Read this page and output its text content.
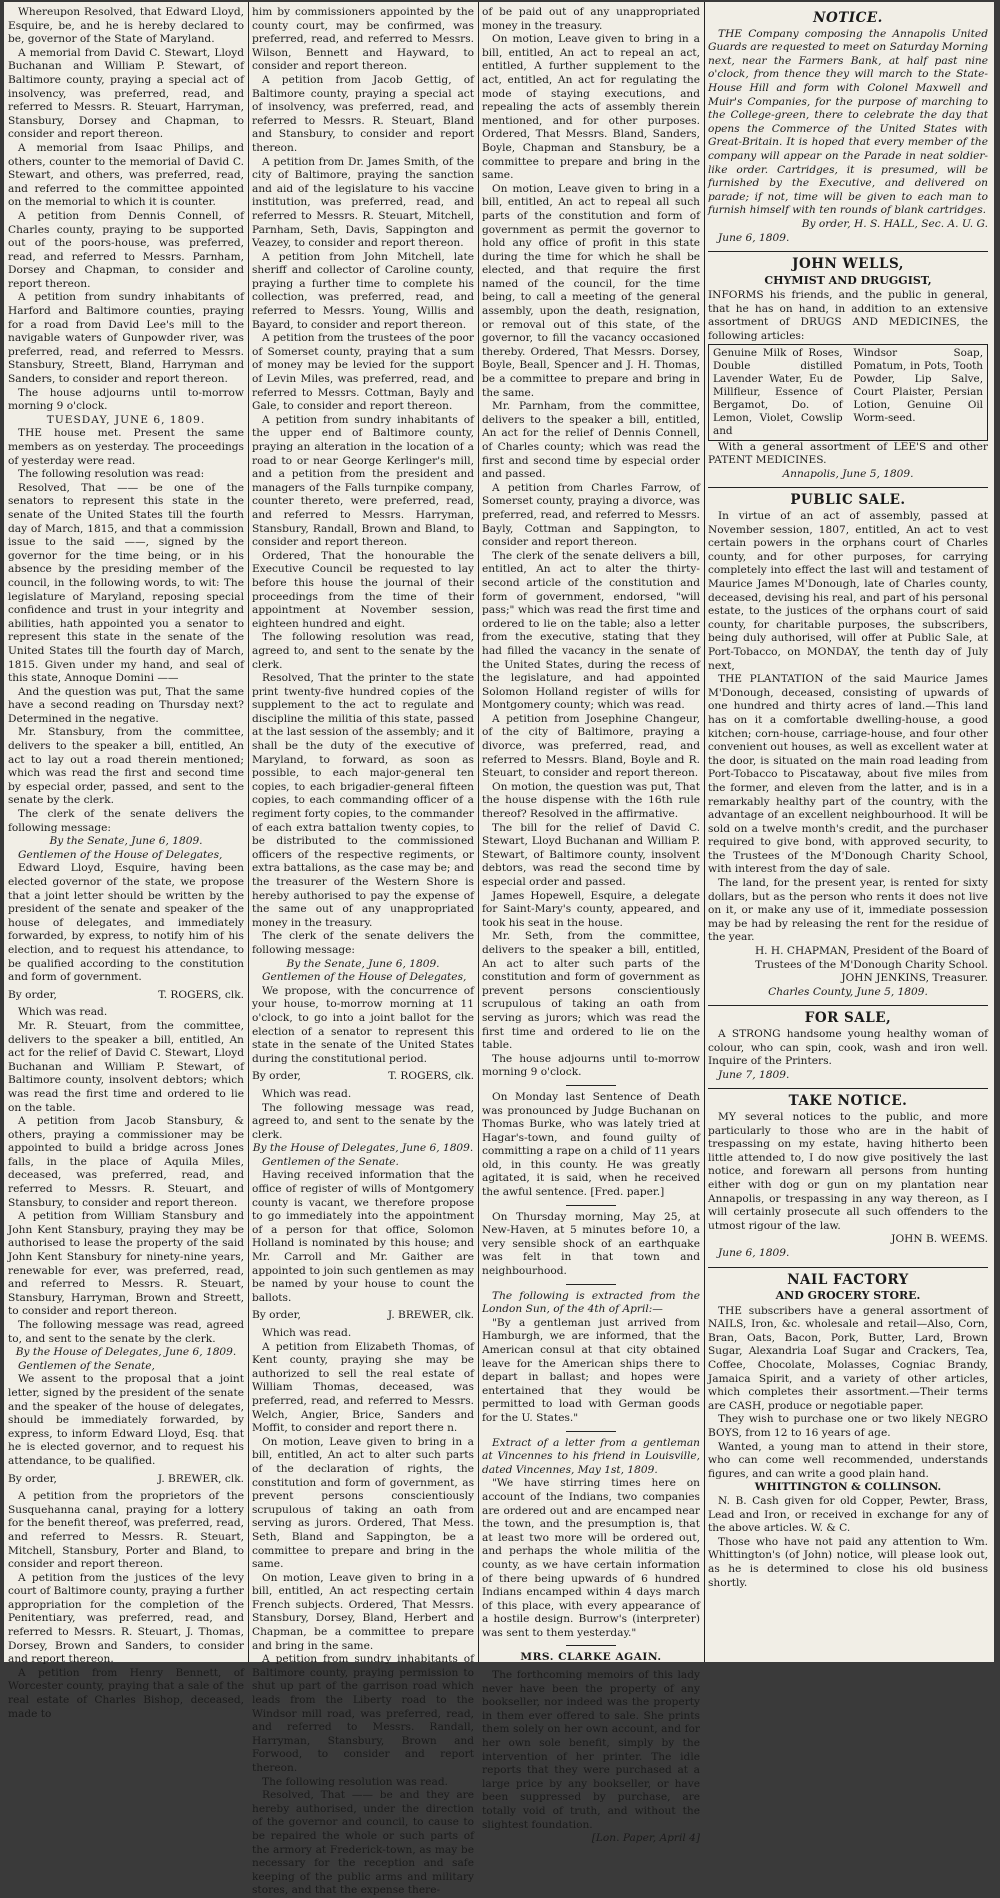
Whereupon Resolved, that Edward Lloyd, Esquire, be, and he is hereby declared to be, governor of the State of Maryland.

A memorial from David C. Stewart, Lloyd Buchanan and William P. Stewart, of Baltimore county, praying a special act of insolvency, was preferred, read, and referred to Messrs. R. Steuart, Harryman, Stansbury, Dorsey and Chapman, to consider and report thereon.

A memorial from Isaac Philips, and others, counter to the memorial of David C. Stewart, and others, was preferred, read, and referred to the committee appointed on the memorial to which it is counter.

A petition from Dennis Connell, of Charles county, praying to be supported out of the poors-house, was preferred, read, and referred to Messrs. Parnham, Dorsey and Chapman, to consider and report thereon.

A petition from sundry inhabitants of Harford and Baltimore counties, praying for a road from David Lee's mill to the navigable waters of Gunpowder river, was preferred, read, and referred to Messrs. Stansbury, Streett, Bland, Harryman and Sanders, to consider and report thereon.

The house adjourns until to-morrow morning 9 o'clock.

TUESDAY, JUNE 6, 1809.

THE house met. Present the same members as on yesterday. The proceedings of yesterday were read.

The following resolution was read:

Resolved, That —— be one of the senators to represent this state in the senate of the United States till the fourth day of March, 1815, and that a commission issue to the said ——, signed by the governor for the time being, or in his absence by the presiding member of the council, in the following words, to wit: The legislature of Maryland, reposing special confidence and trust in your integrity and abilities, hath appointed you a senator to represent this state in the senate of the United States till the fourth day of March, 1815. Given under my hand, and seal of this state, Annoque Domini ——

And the question was put, That the same have a second reading on Thursday next? Determined in the negative.

Mr. Stansbury, from the committee, delivers to the speaker a bill, entitled, An act to lay out a road therein mentioned; which was read the first and second time by especial order, passed, and sent to the senate by the clerk.

The clerk of the senate delivers the following message:

By the Senate, June 6, 1809.

Gentlemen of the House of Delegates,

Edward Lloyd, Esquire, having been elected governor of the state, we propose that a joint letter should be written by the president of the senate and speaker of the house of delegates, and immediately forwarded, by express, to notify him of his election, and to request his attendance, to be qualified according to the constitution and form of government.

By order,	T. ROGERS, clk.

Which was read.

Mr. R. Steuart, from the committee, delivers to the speaker a bill, entitled, An act for the relief of David C. Stewart, Lloyd Buchanan and William P. Stewart, of Baltimore county, insolvent debtors; which was read the first time and ordered to lie on the table.

A petition from Jacob Stansbury, & others, praying a commissioner may be appointed to build a bridge across Jones falls, in the place of Aquila Miles, deceased, was preferred, read, and referred to Messrs. R. Steuart, and Stansbury, to consider and report thereon.

A petition from William Stansbury and John Kent Stansbury, praying they may be authorised to lease the property of the said John Kent Stansbury for ninety-nine years, renewable for ever, was preferred, read, and referred to Messrs. R. Steuart, Stansbury, Harryman, Brown and Streett, to consider and report thereon.

The following message was read, agreed to, and sent to the senate by the clerk.

By the House of Delegates, June 6, 1809.

Gentlemen of the Senate,

We assent to the proposal that a joint letter, signed by the president of the senate and the speaker of the house of delegates, should be immediately forwarded, by express, to inform Edward Lloyd, Esq. that he is elected governor, and to request his attendance, to be qualified.

By order,	J. BREWER, clk.

A petition from the proprietors of the Susquehanna canal, praying for a lottery for the benefit thereof, was preferred, read, and referred to Messrs. R. Steuart, Mitchell, Stansbury, Porter and Bland, to consider and report thereon.

A petition from the justices of the levy court of Baltimore county, praying a further appropriation for the completion of the Penitentiary, was preferred, read, and referred to Messrs. R. Steuart, J. Thomas, Dorsey, Brown and Sanders, to consider and report thereon.

A petition from Henry Bennett, of Worcester county, praying that a sale of the real estate of Charles Bishop, deceased, made to

him by commissioners appointed by the county court, may be confirmed, was preferred, read, and referred to Messrs. Wilson, Bennett and Hayward, to consider and report thereon.

A petition from Jacob Gettig, of Baltimore county, praying a special act of insolvency, was preferred, read, and referred to Messrs. R. Steuart, Bland and Stansbury, to consider and report thereon.

A petition from Dr. James Smith, of the city of Baltimore, praying the sanction and aid of the legislature to his vaccine institution, was preferred, read, and referred to Messrs. R. Steuart, Mitchell, Parnham, Seth, Davis, Sappington and Veazey, to consider and report thereon.

A petition from John Mitchell, late sheriff and collector of Caroline county, praying a further time to complete his collection, was preferred, read, and referred to Messrs. Young, Willis and Bayard, to consider and report thereon.

A petition from the trustees of the poor of Somerset county, praying that a sum of money may be levied for the support of Levin Miles, was preferred, read, and referred to Messrs. Cottman, Bayly and Gale, to consider and report thereon.

A petition from sundry inhabitants of the upper end of Baltimore county, praying an alteration in the location of a road to or near George Kerlinger's mill, and a petition from the president and managers of the Falls turnpike company, counter thereto, were preferred, read, and referred to Messrs. Harryman, Stansbury, Randall, Brown and Bland, to consider and report thereon.

Ordered, That the honourable the Executive Council be requested to lay before this house the journal of their proceedings from the time of their appointment at November session, eighteen hundred and eight.

The following resolution was read, agreed to, and sent to the senate by the clerk.

Resolved, That the printer to the state print twenty-five hundred copies of the supplement to the act to regulate and discipline the militia of this state, passed at the last session of the assembly; and it shall be the duty of the executive of Maryland, to forward, as soon as possible, to each major-general ten copies, to each brigadier-general fifteen copies, to each commanding officer of a regiment forty copies, to the commander of each extra battalion twenty copies, to be distributed to the commissioned officers of the respective regiments, or extra battalions, as the case may be; and the treasurer of the Western Shore is hereby authorised to pay the expense of the same out of any unappropriated money in the treasury.

The clerk of the senate delivers the following message:

By the Senate, June 6, 1809.

Gentlemen of the House of Delegates,

We propose, with the concurrence of your house, to-morrow morning at 11 o'clock, to go into a joint ballot for the election of a senator to represent this state in the senate of the United States during the constitutional period.

By order,	T. ROGERS, clk.

Which was read.

The following message was read, agreed to, and sent to the senate by the clerk.

By the House of Delegates, June 6, 1809.

Gentlemen of the Senate.

Having received information that the office of register of wills of Montgomery county is vacant, we therefore propose to go immediately into the appointment of a person for that office, Solomon Holland is nominated by this house; and Mr. Carroll and Mr. Gaither are appointed to join such gentlemen as may be named by your house to count the ballots.

By order,	J. BREWER, clk.

Which was read.

A petition from Elizabeth Thomas, of Kent county, praying she may be authorized to sell the real estate of William Thomas, deceased, was preferred, read, and referred to Messrs. Welch, Angier, Brice, Sanders and Moffit, to consider and report there n.

On motion, Leave given to bring in a bill, entitled, An act to alter such parts of the declaration of rights, the constitution and form of government, as prevent persons conscientiously scrupulous of taking an oath from serving as jurors. Ordered, That Mess. Seth, Bland and Sappington, be a committee to prepare and bring in the same.

On motion, Leave given to bring in a bill, entitled, An act respecting certain French subjects. Ordered, That Messrs. Stansbury, Dorsey, Bland, Herbert and Chapman, be a committee to prepare and bring in the same.

A petition from sundry inhabitants of Baltimore county, praying permission to shut up part of the garrison road which leads from the Liberty road to the Windsor mill road, was preferred, read, and referred to Messrs. Randall, Harryman, Stansbury, Brown and Forwood, to consider and report thereon.

The following resolution was read.

Resolved, That —— be and they are hereby authorised, under the direction of the governor and council, to cause to be repaired the whole or such parts of the armory at Frederick-town, as may be necessary for the reception and safe keeping of the public arms and military stores, and that the expense there-

of be paid out of any unappropriated money in the treasury.

On motion, Leave given to bring in a bill, entitled, An act to repeal an act, entitled, A further supplement to the act, entitled, An act for regulating the mode of staying executions, and repealing the acts of assembly therein mentioned, and for other purposes. Ordered, That Messrs. Bland, Sanders, Boyle, Chapman and Stansbury, be a committee to prepare and bring in the same.

On motion, Leave given to bring in a bill, entitled, An act to repeal all such parts of the constitution and form of government as permit the governor to hold any office of profit in this state during the time for which he shall be elected, and that require the first named of the council, for the time being, to call a meeting of the general assembly, upon the death, resignation, or removal out of this state, of the governor, to fill the vacancy occasioned thereby. Ordered, That Messrs. Dorsey, Boyle, Beall, Spencer and J. H. Thomas, be a committee to prepare and bring in the same.

Mr. Parnham, from the committee, delivers to the speaker a bill, entitled, An act for the relief of Dennis Connell, of Charles county; which was read the first and second time by especial order and passed.

A petition from Charles Farrow, of Somerset county, praying a divorce, was preferred, read, and referred to Messrs. Bayly, Cottman and Sappington, to consider and report thereon.

The clerk of the senate delivers a bill, entitled, An act to alter the thirty-second article of the constitution and form of government, endorsed, "will pass;" which was read the first time and ordered to lie on the table; also a letter from the executive, stating that they had filled the vacancy in the senate of the United States, during the recess of the legislature, and had appointed Solomon Holland register of wills for Montgomery county; which was read.

A petition from Josephine Changeur, of the city of Baltimore, praying a divorce, was preferred, read, and referred to Messrs. Bland, Boyle and R. Steuart, to consider and report thereon.

On motion, the question was put, That the house dispense with the 16th rule thereof? Resolved in the affirmative.

The bill for the relief of David C. Stewart, Lloyd Buchanan and William P. Stewart, of Baltimore county, insolvent debtors, was read the second time by especial order and passed.

James Hopewell, Esquire, a delegate for Saint-Mary's county, appeared, and took his seat in the house.

Mr. Seth, from the committee, delivers to the speaker a bill, entitled, An act to alter such parts of the constitution and form of government as prevent persons conscientiously scrupulous of taking an oath from serving as jurors; which was read the first time and ordered to lie on the table.

The house adjourns until to-morrow morning 9 o'clock.

On Monday last Sentence of Death was pronounced by Judge Buchanan on Thomas Burke, who was lately tried at Hagar's-town, and found guilty of committing a rape on a child of 11 years old, in this county. He was greatly agitated, it is said, when he received the awful sentence. [Fred. paper.]

On Thursday morning, May 25, at New-Haven, at 5 minutes before 10, a very sensible shock of an earthquake was felt in that town and neighbourhood.

The following is extracted from the London Sun, of the 4th of April:—

"By a gentleman just arrived from Hamburgh, we are informed, that the American consul at that city obtained leave for the American ships there to depart in ballast; and hopes were entertained that they would be permitted to load with German goods for the U. States."

Extract of a letter from a gentleman at Vincennes to his friend in Louisville, dated Vincennes, May 1st, 1809.

"We have stirring times here on account of the Indians, two companies are ordered out and are encamped near the town, and the presumption is, that at least two more will be ordered out, and perhaps the whole militia of the county, as we have certain information of there being upwards of 6 hundred Indians encamped within 4 days march of this place, with every appearance of a hostile design. Burrow's (interpreter) was sent to them yesterday."

MRS. CLARKE AGAIN.

The forthcoming memoirs of this lady never have been the property of any bookseller, nor indeed was the property in them ever offered to sale. She prints them solely on her own account, and for her own sole benefit, simply by the intervention of her printer. The idle reports that they were purchased at a large price by any bookseller, or have been suppressed by purchase, are totally void of truth, and without the slightest foundation.

[Lon. Paper, April 4]

NOTICE.

THE Company composing the Annapolis United Guards are requested to meet on Saturday Morning next, near the Farmers Bank, at half past nine o'clock, from thence they will march to the State-House Hill and form with Colonel Maxwell and Muir's Companies, for the purpose of marching to the College-green, there to celebrate the day that opens the Commerce of the United States with Great-Britain. It is hoped that every member of the company will appear on the Parade in neat soldier-like order. Cartridges, it is presumed, will be furnished by the Executive, and delivered on parade; if not, time will be given to each man to furnish himself with ten rounds of blank cartridges.

By order, H. S. HALL, Sec. A. U. G.

June 6, 1809.

JOHN WELLS,
CHYMIST AND DRUGGIST,

INFORMS his friends, and the public in general, that he has on hand, in addition to an extensive assortment of DRUGS AND MEDICINES, the following articles:

Genuine Milk of Roses, Double distilled Lavender Water, Eu de Millfleur, Essence of Bergamot, Do. of Lemon, Violet, Cowslip and
Windsor Soap, Pomatum, in Pots, Tooth Powder, Lip Salve, Court Plaister, Persian Lotion, Genuine Oil Worm-seed.

With a general assortment of LEE'S and other PATENT MEDICINES.

Annapolis, June 5, 1809.

PUBLIC SALE.

In virtue of an act of assembly, passed at November session, 1807, entitled, An act to vest certain powers in the orphans court of Charles county, and for other purposes, for carrying completely into effect the last will and testament of Maurice James M'Donough, late of Charles county, deceased, devising his real, and part of his personal estate, to the justices of the orphans court of said county, for charitable purposes, the subscribers, being duly authorised, will offer at Public Sale, at Port-Tobacco, on MONDAY, the tenth day of July next,

THE PLANTATION of the said Maurice James M'Donough, deceased, consisting of upwards of one hundred and thirty acres of land.—This land has on it a comfortable dwelling-house, a good kitchen; corn-house, carriage-house, and four other convenient out houses, as well as excellent water at the door, is situated on the main road leading from Port-Tobacco to Piscataway, about five miles from the former, and eleven from the latter, and is in a remarkably healthy part of the country, with the advantage of an excellent neighbourhood. It will be sold on a twelve month's credit, and the purchaser required to give bond, with approved security, to the Trustees of the M'Donough Charity School, with interest from the day of sale.

The land, for the present year, is rented for sixty dollars, but as the person who rents it does not live on it, or make any use of it, immediate possession may be had by releasing the rent for the residue of the year.

H. H. CHAPMAN, President of the Board of Trustees of the M'Donough Charity School.

JOHN JENKINS, Treasurer.

Charles County, June 5, 1809.

FOR SALE,

A STRONG handsome young healthy woman of colour, who can spin, cook, wash and iron well. Inquire of the Printers.

June 7, 1809.

TAKE NOTICE.

MY several notices to the public, and more particularly to those who are in the habit of trespassing on my estate, having hitherto been little attended to, I do now give positively the last notice, and forewarn all persons from hunting either with dog or gun on my plantation near Annapolis, or trespassing in any way thereon, as I will certainly prosecute all such offenders to the utmost rigour of the law.

JOHN B. WEEMS.

June 6, 1809.

NAIL FACTORY
AND GROCERY STORE.

THE subscribers have a general assortment of NAILS, Iron, &c. wholesale and retail—Also, Corn, Bran, Oats, Bacon, Pork, Butter, Lard, Brown Sugar, Alexandria Loaf Sugar and Crackers, Tea, Coffee, Chocolate, Molasses, Cogniac Brandy, Jamaica Spirit, and a variety of other articles, which completes their assortment.—Their terms are CASH, produce or negotiable paper.

They wish to purchase one or two likely NEGRO BOYS, from 12 to 16 years of age.

Wanted, a young man to attend in their store, who can come well recommended, understands figures, and can write a good plain hand.

WHITTINGTON & COLLINSON.

N. B. Cash given for old Copper, Pewter, Brass, Lead and Iron, or received in exchange for any of the above articles. W. & C.

Those who have not paid any attention to Wm. Whittington's (of John) notice, will please look out, as he is determined to close his old business shortly.
